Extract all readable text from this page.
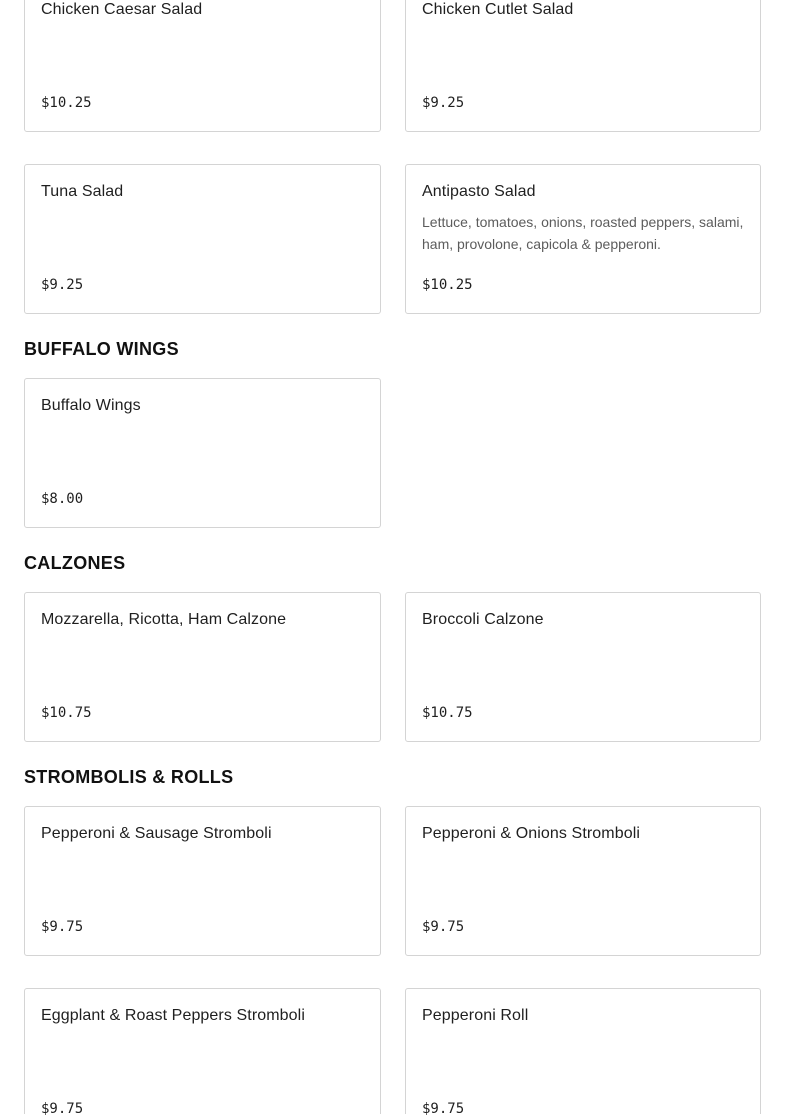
Chicken Caesar Salad
$10.25
Chicken Cutlet Salad
$9.25
Tuna Salad
$9.25
Antipasto Salad
Lettuce, tomatoes, onions, roasted peppers, salami, ham, provolone, capicola & pepperoni.
$10.25
BUFFALO WINGS
Buffalo Wings
$8.00
CALZONES
Mozzarella, Ricotta, Ham Calzone
$10.75
Broccoli Calzone
$10.75
STROMBOLIS & ROLLS
Pepperoni & Sausage Stromboli
$9.75
Pepperoni & Onions Stromboli
$9.75
Eggplant & Roast Peppers Stromboli
$9.75
Pepperoni Roll
$9.75
